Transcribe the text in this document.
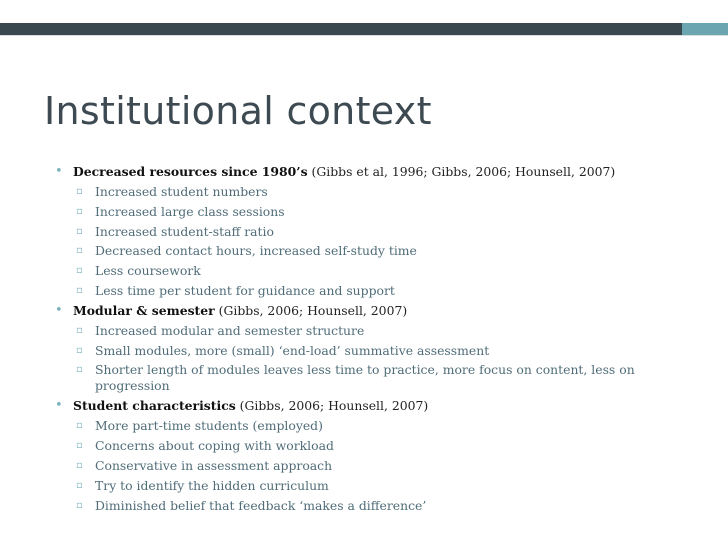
Institutional context

• Decreased resources since 1980’s (Gibbs et al, 1996; Gibbs, 2006; Hounsell, 2007)

▫ Increased student numbers

▫ Increased large class sessions

▫ Increased student-staff ratio

▫ Decreased contact hours, increased self-study time

▫ Less coursework

▫ Less time per student for guidance and support

• Modular & semester (Gibbs, 2006; Hounsell, 2007)

▫ Increased modular and semester structure

▫ Small modules, more (small) ‘end-load’ summative assessment

▫ Shorter length of modules leaves less time to practice, more focus on content, less on progression

• Student characteristics (Gibbs, 2006; Hounsell, 2007)

▫ More part-time students (employed)

▫ Concerns about coping with workload

▫ Conservative in assessment approach

▫ Try to identify the hidden curriculum

▫ Diminished belief that feedback ‘makes a difference’
